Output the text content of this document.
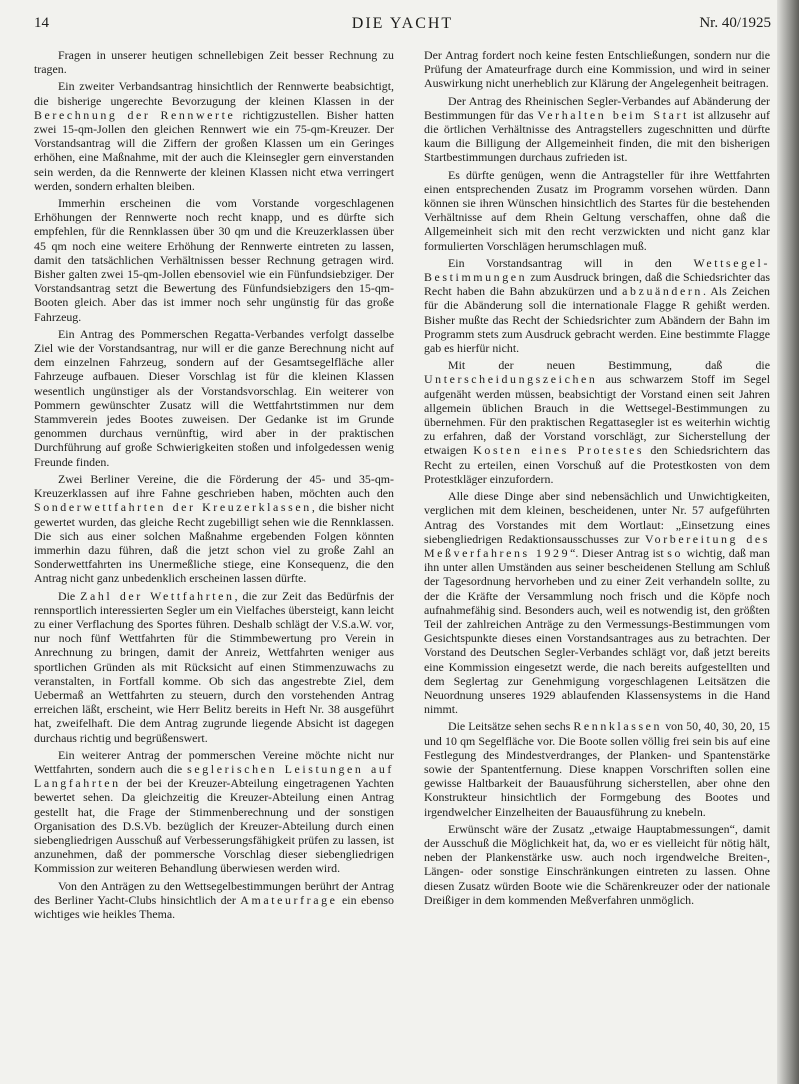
14	DIE YACHT	Nr. 40/1925

Fragen in unserer heutigen schnellebigen Zeit besser Rechnung zu tragen.

Ein zweiter Verbandsantrag hinsichtlich der Rennwerte beabsichtigt, die bisherige ungerechte Bevorzugung der kleinen Klassen in der Berechnung der Rennwerte richtigzustellen. Bisher hatten zwei 15-qm-Jollen den gleichen Rennwert wie ein 75-qm-Kreuzer. Der Vorstandsantrag will die Ziffern der großen Klassen um ein Geringes erhöhen, eine Maßnahme, mit der auch die Kleinsegler gern einverstanden sein werden, da die Rennwerte der kleinen Klassen nicht etwa verringert werden, sondern erhalten bleiben.

Immerhin erscheinen die vom Vorstande vorgeschlagenen Erhöhungen der Rennwerte noch recht knapp, und es dürfte sich empfehlen, für die Rennklassen über 30 qm und die Kreuzerklassen über 45 qm noch eine weitere Erhöhung der Rennwerte eintreten zu lassen, damit den tatsächlichen Verhältnissen besser Rechnung getragen wird. Bisher galten zwei 15-qm-Jollen ebensoviel wie ein Fünfundsiebziger. Der Vorstandsantrag setzt die Bewertung des Fünfundsiebzigers den 15-qm-Booten gleich. Aber das ist immer noch sehr ungünstig für das große Fahrzeug.

Ein Antrag des Pommerschen Regatta-Verbandes verfolgt dasselbe Ziel wie der Vorstandsantrag, nur will er die ganze Berechnung nicht auf dem einzelnen Fahrzeug, sondern auf der Gesamtsegelfläche aller Fahrzeuge aufbauen. Dieser Vorschlag ist für die kleinen Klassen wesentlich ungünstiger als der Vorstandsvorschlag. Ein weiterer von Pommern gewünschter Zusatz will die Wettfahrtstimmen nur dem Stammverein jedes Bootes zuweisen. Der Gedanke ist im Grunde genommen durchaus vernünftig, wird aber in der praktischen Durchführung auf große Schwierigkeiten stoßen und infolgedessen wenig Freunde finden.

Zwei Berliner Vereine, die die Förderung der 45- und 35-qm-Kreuzerklassen auf ihre Fahne geschrieben haben, möchten auch den Sonderwettfahrten der Kreuzerklassen, die bisher nicht gewertet wurden, das gleiche Recht zugebilligt sehen wie die Rennklassen. Die sich aus einer solchen Maßnahme ergebenden Folgen könnten immerhin dazu führen, daß die jetzt schon viel zu große Zahl an Sonderwettfahrten ins Unermeßliche stiege, eine Konsequenz, die den Antrag nicht ganz unbedenklich erscheinen lassen dürfte.

Die Zahl der Wettfahrten, die zur Zeit das Bedürfnis der rennsportlich interessierten Segler um ein Vielfaches übersteigt, kann leicht zu einer Verflachung des Sportes führen. Deshalb schlägt der V.S.a.W. vor, nur noch fünf Wettfahrten für die Stimmbewertung pro Verein in Anrechnung zu bringen, damit der Anreiz, Wettfahrten weniger aus sportlichen Gründen als mit Rücksicht auf einen Stimmenzuwachs zu veranstalten, in Fortfall komme. Ob sich das angestrebte Ziel, dem Uebermaß an Wettfahrten zu steuern, durch den vorstehenden Antrag erreichen läßt, erscheint, wie Herr Belitz bereits in Heft Nr. 38 ausgeführt hat, zweifelhaft. Die dem Antrag zugrunde liegende Absicht ist dagegen durchaus richtig und begrüßenswert.

Ein weiterer Antrag der pommerschen Vereine möchte nicht nur Wettfahrten, sondern auch die seglerischen Leistungen auf Langfahrten der bei der Kreuzer-Abteilung eingetragenen Yachten bewertet sehen. Da gleichzeitig die Kreuzer-Abteilung einen Antrag gestellt hat, die Frage der Stimmenberechnung und der sonstigen Organisation des D.S.Vb. bezüglich der Kreuzer-Abteilung durch einen siebengliedrigen Ausschuß auf Verbesserungsfähigkeit prüfen zu lassen, ist anzunehmen, daß der pommersche Vorschlag dieser siebengliedrigen Kommission zur weiteren Behandlung überwiesen werden wird.

Von den Anträgen zu den Wettsegelbestimmungen berührt der Antrag des Berliner Yacht-Clubs hinsichtlich der Amateurfrage ein ebenso wichtiges wie heikles Thema.

Der Antrag fordert noch keine festen Entschließungen, sondern nur die Prüfung der Amateurfrage durch eine Kommission, und wird in seiner Auswirkung nicht unerheblich zur Klärung der Angelegenheit beitragen.

Der Antrag des Rheinischen Segler-Verbandes auf Abänderung der Bestimmungen für das Verhalten beim Start ist allzusehr auf die örtlichen Verhältnisse des Antragstellers zugeschnitten und dürfte kaum die Billigung der Allgemeinheit finden, die mit den bisherigen Startbestimmungen durchaus zufrieden ist.

Es dürfte genügen, wenn die Antragsteller für ihre Wettfahrten einen entsprechenden Zusatz im Programm vorsehen würden. Dann können sie ihren Wünschen hinsichtlich des Startes für die bestehenden Verhältnisse auf dem Rhein Geltung verschaffen, ohne daß die Allgemeinheit sich mit den recht verzwickten und nicht ganz klar formulierten Vorschlägen herumschlagen muß.

Ein Vorstandsantrag will in den Wettsegel-Bestimmungen zum Ausdruck bringen, daß die Schiedsrichter das Recht haben die Bahn abzukürzen und abzuändern. Als Zeichen für die Abänderung soll die internationale Flagge R gehißt werden. Bisher mußte das Recht der Schiedsrichter zum Abändern der Bahn im Programm stets zum Ausdruck gebracht werden. Eine bestimmte Flagge gab es hierfür nicht.

Mit der neuen Bestimmung, daß die Unterscheidungszeichen aus schwarzem Stoff im Segel aufgenäht werden müssen, beabsichtigt der Vorstand einen seit Jahren allgemein üblichen Brauch in die Wettsegel-Bestimmungen zu übernehmen. Für den praktischen Regattasegler ist es weiterhin wichtig zu erfahren, daß der Vorstand vorschlägt, zur Sicherstellung der etwaigen Kosten eines Protestes den Schiedsrichtern das Recht zu erteilen, einen Vorschuß auf die Protestkosten von dem Protestkläger einzufordern.

Alle diese Dinge aber sind nebensächlich und Unwichtigkeiten, verglichen mit dem kleinen, bescheidenen, unter Nr. 57 aufgeführten Antrag des Vorstandes mit dem Wortlaut: „Einsetzung eines siebengliedrigen Redaktionsausschusses zur Vorbereitung des Meßverfahrens 1929“. Dieser Antrag ist so wichtig, daß man ihn unter allen Umständen aus seiner bescheidenen Stellung am Schluß der Tagesordnung hervorheben und zu einer Zeit verhandeln sollte, zu der die Kräfte der Versammlung noch frisch und die Köpfe noch aufnahmefähig sind. Besonders auch, weil es notwendig ist, den größten Teil der zahlreichen Anträge zu den Vermessungs-Bestimmungen vom Gesichtspunkte dieses einen Vorstandsantrages aus zu betrachten. Der Vorstand des Deutschen Segler-Verbandes schlägt vor, daß jetzt bereits eine Kommission eingesetzt werde, die nach bereits aufgestellten und dem Seglertag zur Genehmigung vorgeschlagenen Leitsätzen die Neuordnung unseres 1929 ablaufenden Klassensystems in die Hand nimmt.

Die Leitsätze sehen sechs Rennklassen von 50, 40, 30, 20, 15 und 10 qm Segelfläche vor. Die Boote sollen völlig frei sein bis auf eine Festlegung des Mindestverdranges, der Planken- und Spantenstärke sowie der Spantentfernung. Diese knappen Vorschriften sollen eine gewisse Haltbarkeit der Bauausführung sicherstellen, aber ohne den Konstrukteur hinsichtlich der Formgebung des Bootes und irgendwelcher Einzelheiten der Bauausführung zu knebeln.

Erwünscht wäre der Zusatz „etwaige Hauptabmessungen“, damit der Ausschuß die Möglichkeit hat, da, wo er es vielleicht für nötig hält, neben der Plankenstärke usw. auch noch irgendwelche Breiten-, Längen- oder sonstige Einschränkungen eintreten zu lassen. Ohne diesen Zusatz würden Boote wie die Schärenkreuzer oder der nationale Dreißiger in dem kommenden Meßverfahren unmöglich.
